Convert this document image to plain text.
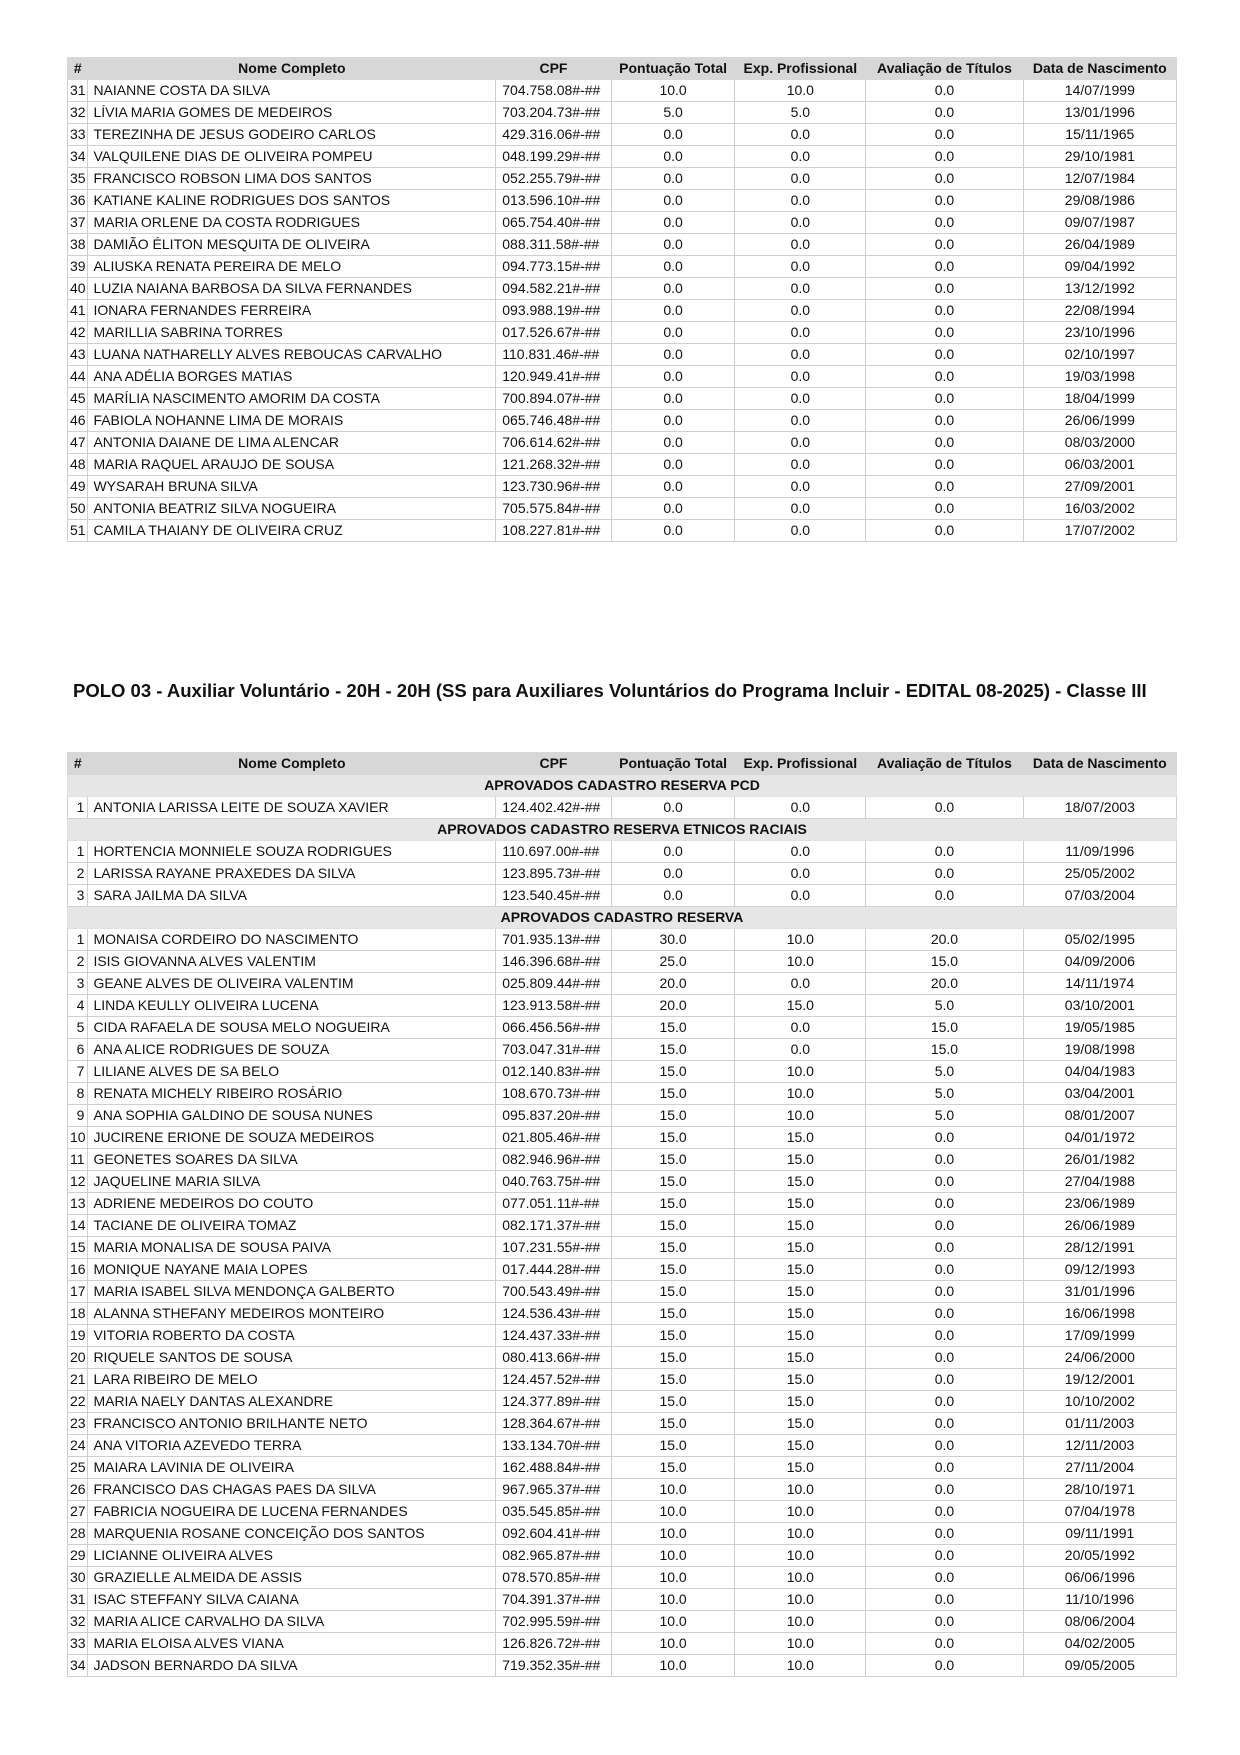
#	Nome Completo	CPF	Pontuação Total	Exp. Profissional	Avaliação de Títulos	Data de Nascimento
31	NAIANNE COSTA DA SILVA	704.758.08#-##	10.0	10.0	0.0	14/07/1999
32	LÍVIA MARIA GOMES DE MEDEIROS	703.204.73#-##	5.0	5.0	0.0	13/01/1996
33	TEREZINHA DE JESUS GODEIRO CARLOS	429.316.06#-##	0.0	0.0	0.0	15/11/1965
34	VALQUILENE DIAS DE OLIVEIRA POMPEU	048.199.29#-##	0.0	0.0	0.0	29/10/1981
35	FRANCISCO ROBSON LIMA DOS SANTOS	052.255.79#-##	0.0	0.0	0.0	12/07/1984
36	KATIANE KALINE RODRIGUES DOS SANTOS	013.596.10#-##	0.0	0.0	0.0	29/08/1986
37	MARIA ORLENE DA COSTA RODRIGUES	065.754.40#-##	0.0	0.0	0.0	09/07/1987
38	DAMIÃO ÉLITON MESQUITA DE OLIVEIRA	088.311.58#-##	0.0	0.0	0.0	26/04/1989
39	ALIUSKA RENATA PEREIRA DE MELO	094.773.15#-##	0.0	0.0	0.0	09/04/1992
40	LUZIA NAIANA BARBOSA DA SILVA FERNANDES	094.582.21#-##	0.0	0.0	0.0	13/12/1992
41	IONARA FERNANDES FERREIRA	093.988.19#-##	0.0	0.0	0.0	22/08/1994
42	MARILLIA SABRINA TORRES	017.526.67#-##	0.0	0.0	0.0	23/10/1996
43	LUANA NATHARELLY ALVES REBOUCAS CARVALHO	110.831.46#-##	0.0	0.0	0.0	02/10/1997
44	ANA ADÉLIA BORGES MATIAS	120.949.41#-##	0.0	0.0	0.0	19/03/1998
45	MARÍLIA NASCIMENTO AMORIM DA COSTA	700.894.07#-##	0.0	0.0	0.0	18/04/1999
46	FABIOLA NOHANNE LIMA DE MORAIS	065.746.48#-##	0.0	0.0	0.0	26/06/1999
47	ANTONIA DAIANE DE LIMA ALENCAR	706.614.62#-##	0.0	0.0	0.0	08/03/2000
48	MARIA RAQUEL ARAUJO DE SOUSA	121.268.32#-##	0.0	0.0	0.0	06/03/2001
49	WYSARAH BRUNA SILVA	123.730.96#-##	0.0	0.0	0.0	27/09/2001
50	ANTONIA BEATRIZ SILVA NOGUEIRA	705.575.84#-##	0.0	0.0	0.0	16/03/2002
51	CAMILA THAIANY DE OLIVEIRA CRUZ	108.227.81#-##	0.0	0.0	0.0	17/07/2002
POLO 03 - Auxiliar Voluntário - 20H - 20H (SS para Auxiliares Voluntários do Programa Incluir - EDITAL 08-2025) - Classe III
#	Nome Completo	CPF	Pontuação Total	Exp. Profissional	Avaliação de Títulos	Data de Nascimento
APROVADOS CADASTRO RESERVA PCD						
1	ANTONIA LARISSA LEITE DE SOUZA XAVIER	124.402.42#-##	0.0	0.0	0.0	18/07/2003
APROVADOS CADASTRO RESERVA ETNICOS RACIAIS						
1	HORTENCIA MONNIELE SOUZA RODRIGUES	110.697.00#-##	0.0	0.0	0.0	11/09/1996
2	LARISSA RAYANE PRAXEDES DA SILVA	123.895.73#-##	0.0	0.0	0.0	25/05/2002
3	SARA JAILMA DA SILVA	123.540.45#-##	0.0	0.0	0.0	07/03/2004
APROVADOS CADASTRO RESERVA						
1	MONAISA CORDEIRO DO NASCIMENTO	701.935.13#-##	30.0	10.0	20.0	05/02/1995
2	ISIS GIOVANNA ALVES VALENTIM	146.396.68#-##	25.0	10.0	15.0	04/09/2006
3	GEANE ALVES DE OLIVEIRA VALENTIM	025.809.44#-##	20.0	0.0	20.0	14/11/1974
4	LINDA KEULLY OLIVEIRA LUCENA	123.913.58#-##	20.0	15.0	5.0	03/10/2001
5	CIDA RAFAELA DE SOUSA MELO NOGUEIRA	066.456.56#-##	15.0	0.0	15.0	19/05/1985
6	ANA ALICE RODRIGUES DE SOUZA	703.047.31#-##	15.0	0.0	15.0	19/08/1998
7	LILIANE ALVES DE SA BELO	012.140.83#-##	15.0	10.0	5.0	04/04/1983
8	RENATA MICHELY RIBEIRO ROSÁRIO	108.670.73#-##	15.0	10.0	5.0	03/04/2001
9	ANA SOPHIA GALDINO DE SOUSA NUNES	095.837.20#-##	15.0	10.0	5.0	08/01/2007
10	JUCIRENE ERIONE DE SOUZA MEDEIROS	021.805.46#-##	15.0	15.0	0.0	04/01/1972
11	GEONETES SOARES DA SILVA	082.946.96#-##	15.0	15.0	0.0	26/01/1982
12	JAQUELINE MARIA SILVA	040.763.75#-##	15.0	15.0	0.0	27/04/1988
13	ADRIENE MEDEIROS DO COUTO	077.051.11#-##	15.0	15.0	0.0	23/06/1989
14	TACIANE DE OLIVEIRA TOMAZ	082.171.37#-##	15.0	15.0	0.0	26/06/1989
15	MARIA MONALISA DE SOUSA PAIVA	107.231.55#-##	15.0	15.0	0.0	28/12/1991
16	MONIQUE NAYANE MAIA LOPES	017.444.28#-##	15.0	15.0	0.0	09/12/1993
17	MARIA ISABEL SILVA MENDONÇA GALBERTO	700.543.49#-##	15.0	15.0	0.0	31/01/1996
18	ALANNA STHEFANY MEDEIROS MONTEIRO	124.536.43#-##	15.0	15.0	0.0	16/06/1998
19	VITORIA ROBERTO DA COSTA	124.437.33#-##	15.0	15.0	0.0	17/09/1999
20	RIQUELE SANTOS DE SOUSA	080.413.66#-##	15.0	15.0	0.0	24/06/2000
21	LARA RIBEIRO DE MELO	124.457.52#-##	15.0	15.0	0.0	19/12/2001
22	MARIA NAELY DANTAS ALEXANDRE	124.377.89#-##	15.0	15.0	0.0	10/10/2002
23	FRANCISCO ANTONIO BRILHANTE NETO	128.364.67#-##	15.0	15.0	0.0	01/11/2003
24	ANA VITORIA AZEVEDO TERRA	133.134.70#-##	15.0	15.0	0.0	12/11/2003
25	MAIARA LAVINIA DE OLIVEIRA	162.488.84#-##	15.0	15.0	0.0	27/11/2004
26	FRANCISCO DAS CHAGAS PAES DA SILVA	967.965.37#-##	10.0	10.0	0.0	28/10/1971
27	FABRICIA NOGUEIRA DE LUCENA FERNANDES	035.545.85#-##	10.0	10.0	0.0	07/04/1978
28	MARQUENIA ROSANE CONCEIÇÃO DOS SANTOS	092.604.41#-##	10.0	10.0	0.0	09/11/1991
29	LICIANNE OLIVEIRA ALVES	082.965.87#-##	10.0	10.0	0.0	20/05/1992
30	GRAZIELLE ALMEIDA DE ASSIS	078.570.85#-##	10.0	10.0	0.0	06/06/1996
31	ISAC STEFFANY SILVA CAIANA	704.391.37#-##	10.0	10.0	0.0	11/10/1996
32	MARIA ALICE CARVALHO DA SILVA	702.995.59#-##	10.0	10.0	0.0	08/06/2004
33	MARIA ELOISA ALVES VIANA	126.826.72#-##	10.0	10.0	0.0	04/02/2005
34	JADSON BERNARDO DA SILVA	719.352.35#-##	10.0	10.0	0.0	09/05/2005
